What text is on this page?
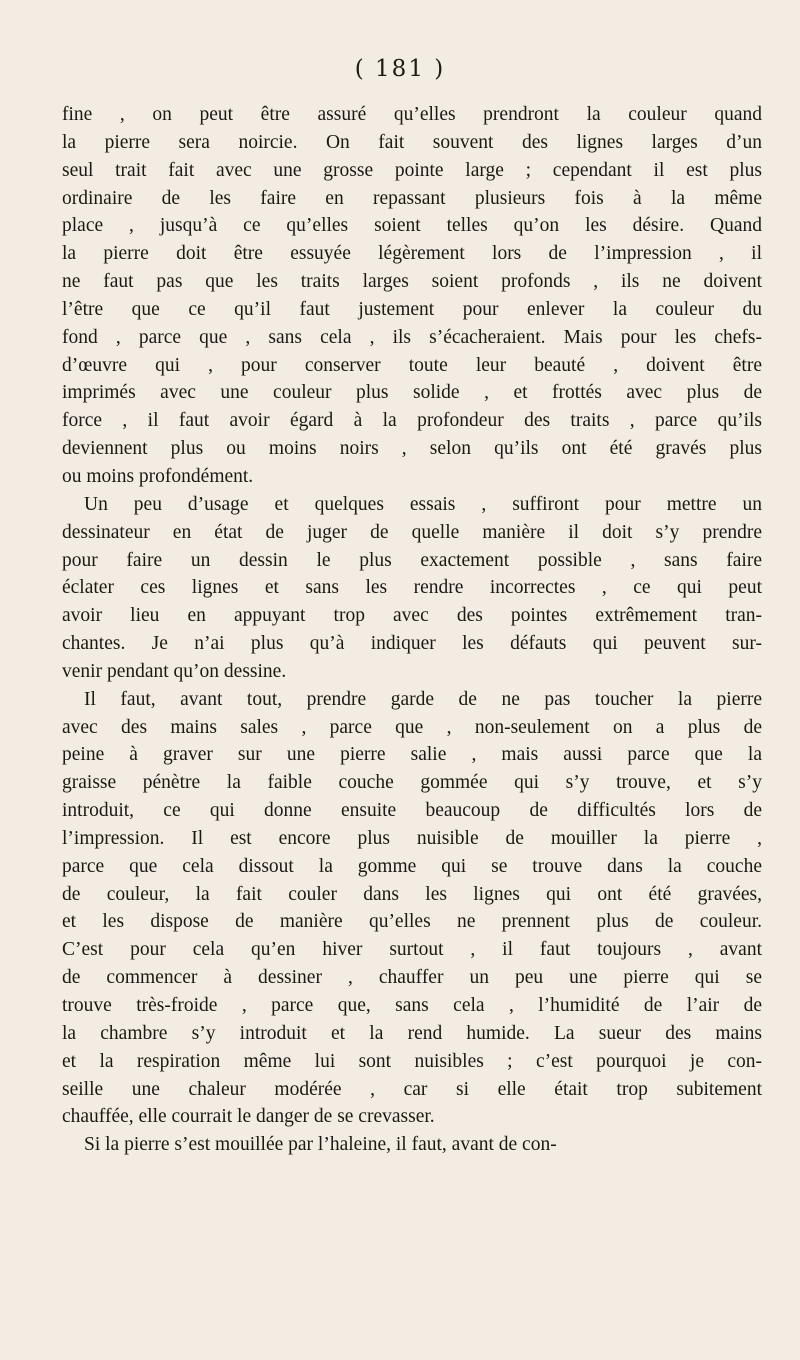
( 181 )
fine , on peut être assuré qu’elles prendront la couleur quand
la pierre sera noircie. On fait souvent des lignes larges d’un
seul trait fait avec une grosse pointe large ; cependant il est plus
ordinaire de les faire en repassant plusieurs fois à la même
place , jusqu’à ce qu’elles soient telles qu’on les désire. Quand
la pierre doit être essuyée légèrement lors de l’impression , il
ne faut pas que les traits larges soient profonds , ils ne doivent
l’être que ce qu’il faut justement pour enlever la couleur du
fond , parce que , sans cela , ils s’écacheraient. Mais pour les chefs-
d’œuvre qui , pour conserver toute leur beauté , doivent être
imprimés avec une couleur plus solide , et frottés avec plus de
force , il faut avoir égard à la profondeur des traits , parce qu’ils
deviennent plus ou moins noirs , selon qu’ils ont été gravés plus
ou moins profondément.
Un peu d’usage et quelques essais , suffiront pour mettre un
dessinateur en état de juger de quelle manière il doit s’y prendre
pour faire un dessin le plus exactement possible , sans faire
éclater ces lignes et sans les rendre incorrectes , ce qui peut
avoir lieu en appuyant trop avec des pointes extrêmement tran-
chantes. Je n’ai plus qu’à indiquer les défauts qui peuvent sur-
venir pendant qu’on dessine.
Il faut, avant tout, prendre garde de ne pas toucher la pierre
avec des mains sales , parce que , non-seulement on a plus de
peine à graver sur une pierre salie , mais aussi parce que la
graisse pénètre la faible couche gommée qui s’y trouve, et s’y
introduit, ce qui donne ensuite beaucoup de difficultés lors de
l’impression. Il est encore plus nuisible de mouiller la pierre ,
parce que cela dissout la gomme qui se trouve dans la couche
de couleur, la fait couler dans les lignes qui ont été gravées,
et les dispose de manière qu’elles ne prennent plus de couleur.
C’est pour cela qu’en hiver surtout , il faut toujours , avant
de commencer à dessiner , chauffer un peu une pierre qui se
trouve très-froide , parce que, sans cela , l’humidité de l’air de
la chambre s’y introduit et la rend humide. La sueur des mains
et la respiration même lui sont nuisibles ; c’est pourquoi je con-
seille une chaleur modérée , car si elle était trop subitement
chauffée, elle courrait le danger de se crevasser.
Si la pierre s’est mouillée par l’haleine, il faut, avant de con-
